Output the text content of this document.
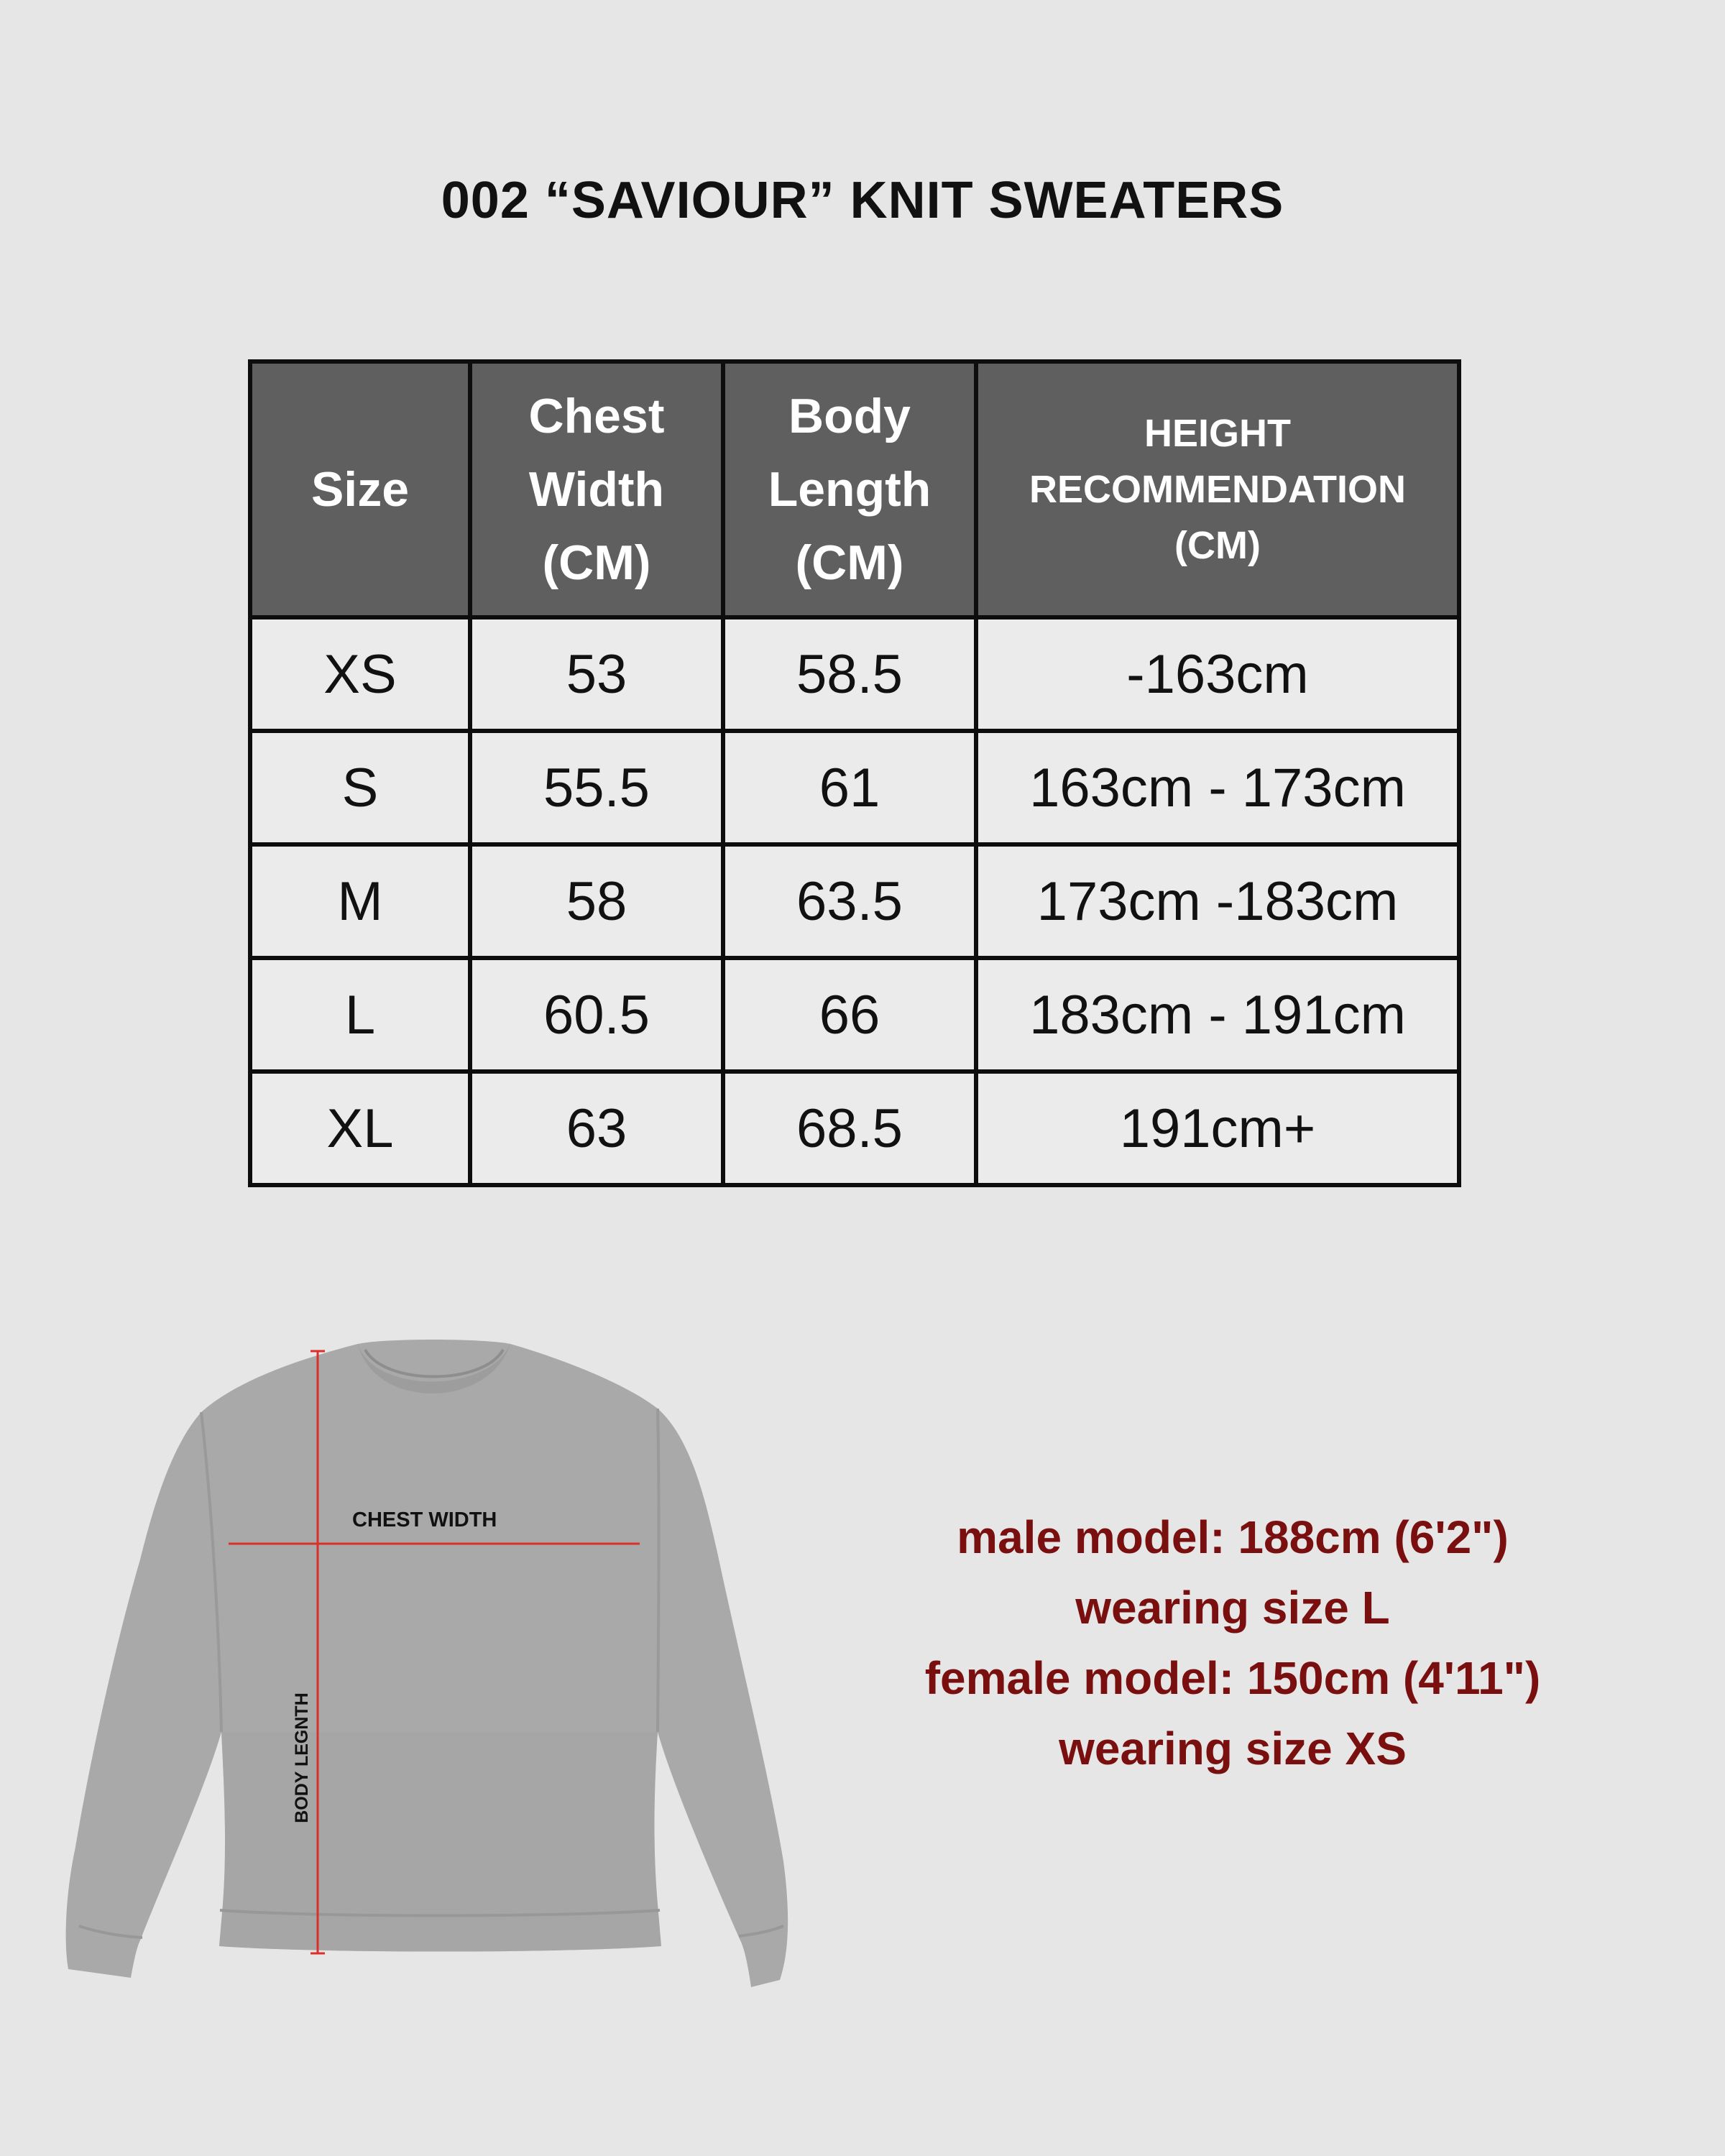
002 “SAVIOUR” KNIT SWEATERS
Size	Chest
Width
(CM)	Body
Length
(CM)	HEIGHT
RECOMMENDATION
(CM)

XS	53	58.5	-163cm
S	55.5	61	163cm - 173cm
M	58	63.5	173cm -183cm
L	60.5	66	183cm - 191cm
XL	63	68.5	191cm+
CHEST WIDTH
BODY LEGNTH
male model: 188cm (6'2")
wearing size L
female model: 150cm (4'11")
wearing size XS
